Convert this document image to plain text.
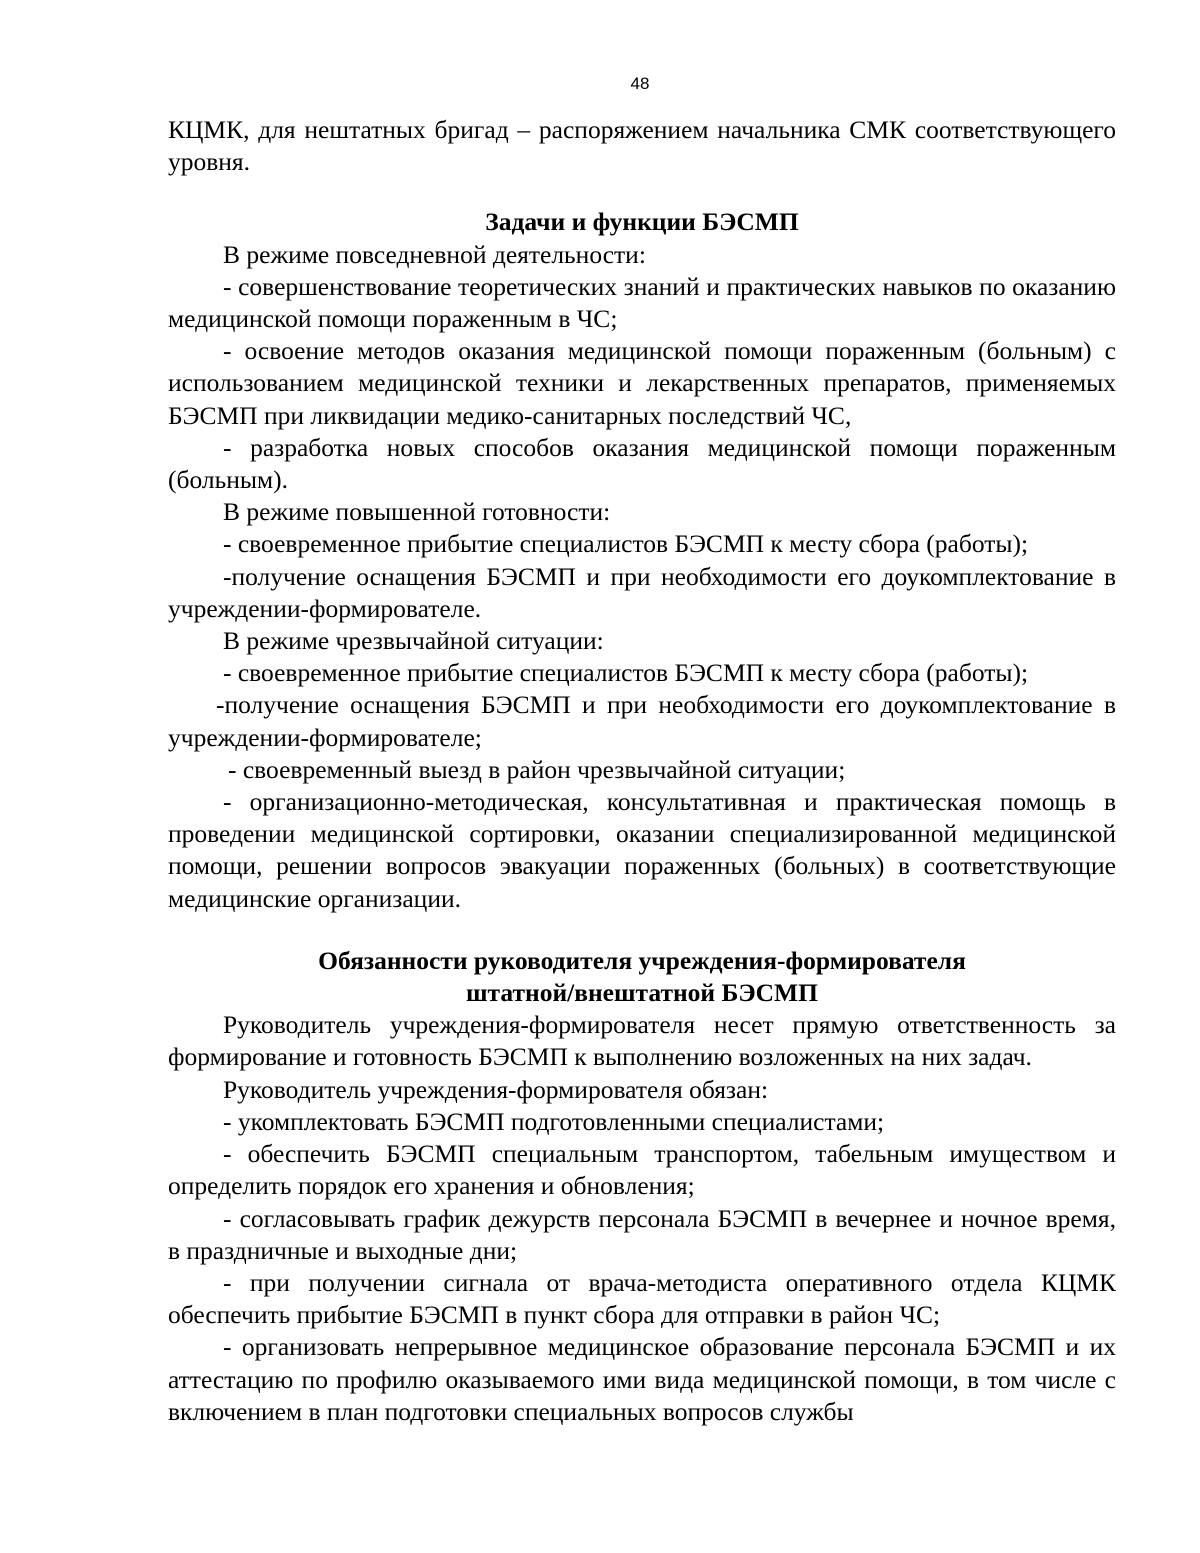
48

КЦМК, для нештатных бригад – распоряжением начальника СМК соответствующего уровня.

Задачи и функции БЭСМП

В режиме повседневной деятельности:

- совершенствование теоретических знаний и практических навыков по оказанию медицинской помощи пораженным в ЧС;

- освоение методов оказания медицинской помощи пораженным (больным) с использованием медицинской техники и лекарственных препаратов, применяемых БЭСМП при ликвидации медико-санитарных последствий ЧС,

- разработка новых способов оказания медицинской помощи пораженным (больным).

В режиме повышенной готовности:

- своевременное прибытие специалистов БЭСМП к месту сбора (работы);

-получение оснащения БЭСМП и при необходимости его доукомплектование в учреждении-формирователе.

В режиме чрезвычайной ситуации:

- своевременное прибытие специалистов БЭСМП к месту сбора (работы);

-получение оснащения БЭСМП и при необходимости его доукомплектование в учреждении-формирователе;

- своевременный выезд в район чрезвычайной ситуации;

- организационно-методическая, консультативная и практическая помощь в проведении медицинской сортировки, оказании специализированной медицинской помощи, решении вопросов эвакуации пораженных (больных) в соответствующие медицинские организации.

Обязанности руководителя учреждения-формирователя
штатной/внештатной БЭСМП

Руководитель учреждения-формирователя несет прямую ответственность за формирование и готовность БЭСМП к выполнению возложенных на них задач.

Руководитель учреждения-формирователя обязан:

- укомплектовать БЭСМП подготовленными специалистами;

- обеспечить БЭСМП специальным транспортом, табельным имуществом и определить порядок его хранения и обновления;

- согласовывать график дежурств персонала БЭСМП в вечернее и ночное время, в праздничные и выходные дни;

- при получении сигнала от врача-методиста оперативного отдела КЦМК обеспечить прибытие БЭСМП в пункт сбора для отправки в район ЧС;

- организовать непрерывное медицинское образование персонала БЭСМП и их аттестацию по профилю оказываемого ими вида медицинской помощи, в том числе с включением в план подготовки специальных вопросов службы
